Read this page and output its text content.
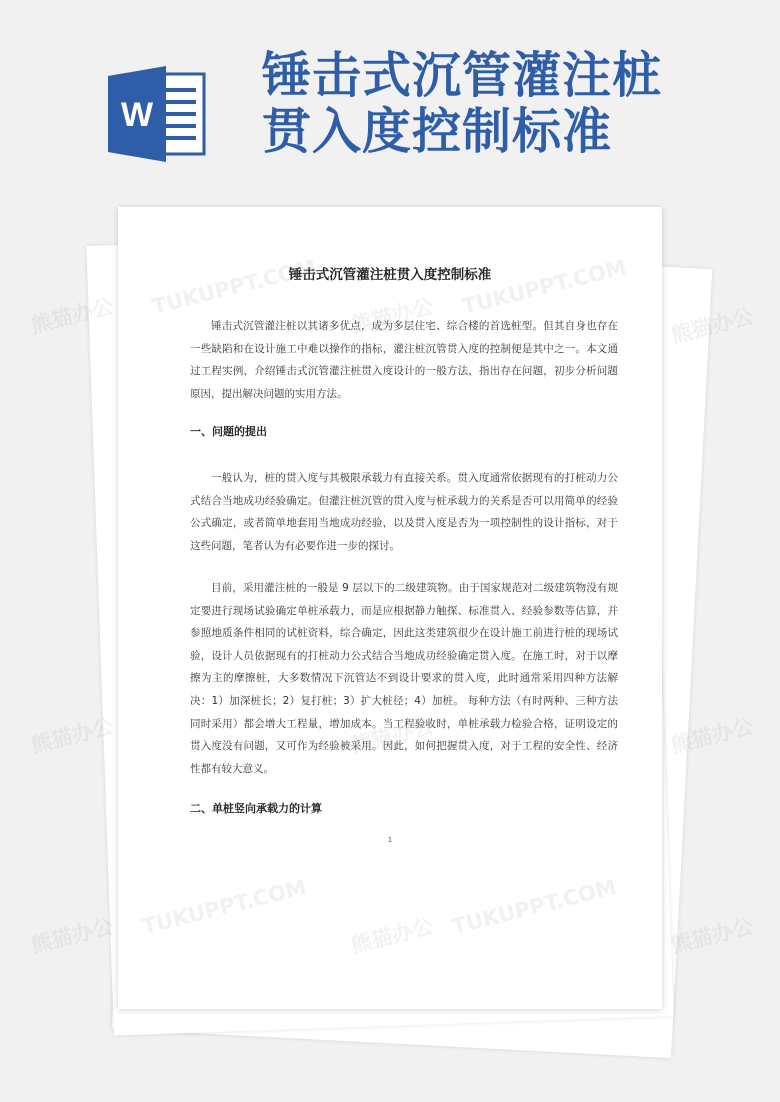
W
锤击式沉管灌注桩
贯入度控制标准
锤击式沉管灌注桩贯入度控制标准

锤击式沉管灌注桩以其诸多优点，成为多层住宅、综合楼的首选桩型。但其自身也存在一些缺陷和在设计施工中难以操作的指标，灌注桩沉管贯入度的控制便是其中之一。本文通过工程实例，介绍锤击式沉管灌注桩贯入度设计的一般方法，指出存在问题，初步分析问题原因，提出解决问题的实用方法。

一、问题的提出

一般认为，桩的贯入度与其极限承载力有直接关系。贯入度通常依据现有的打桩动力公式结合当地成功经验确定。但灌注桩沉管的贯入度与桩承载力的关系是否可以用简单的经验公式确定，或者简单地套用当地成功经验，以及贯入度是否为一项控制性的设计指标，对于这些问题，笔者认为有必要作进一步的探讨。

目前，采用灌注桩的一般是 9 层以下的二级建筑物。由于国家规范对二级建筑物没有规定要进行现场试验确定单桩承载力，而是应根据静力触探、标准贯入、经验参数等估算，并参照地质条件相同的试桩资料，综合确定，因此这类建筑很少在设计施工前进行桩的现场试验，设计人员依据现有的打桩动力公式结合当地成功经验确定贯入度。在施工时，对于以摩擦为主的摩擦桩，大多数情况下沉管达不到设计要求的贯入度，此时通常采用四种方法解决：1）加深桩长；2）复打桩；3）扩大桩径；4）加桩。 每种方法（有时两种、三种方法同时采用）都会增大工程量，增加成本。当工程验收时，单桩承载力检验合格，证明设定的贯入度没有问题，又可作为经验被采用。因此，如何把握贯入度，对于工程的安全性、经济性都有较大意义。

二、单桩竖向承载力的计算
1
熊猫办公	熊猫办公
熊猫办公	熊猫办公
熊猫办公	熊猫办公
